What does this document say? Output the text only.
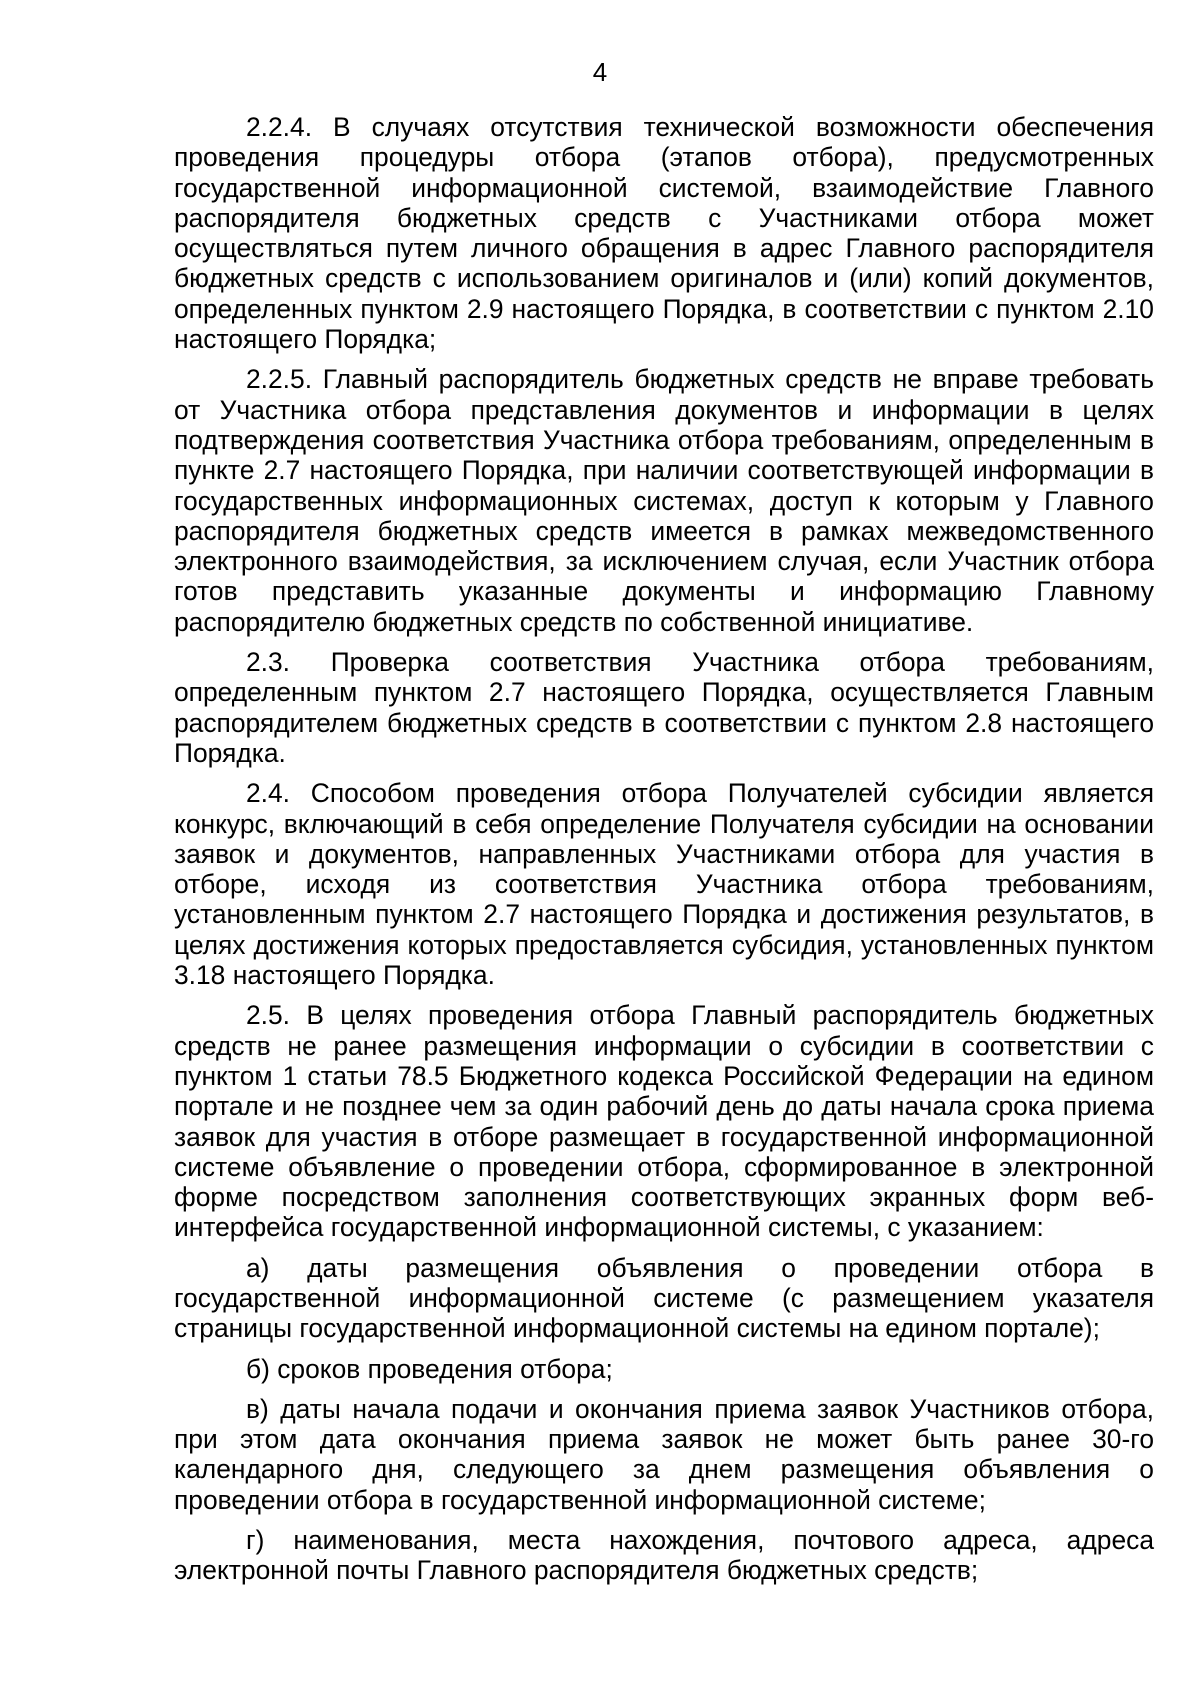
4

2.2.4. В случаях отсутствия технической возможности обеспечения проведения процедуры отбора (этапов отбора), предусмотренных государственной информационной системой, взаимодействие Главного распорядителя бюджетных средств с Участниками отбора может осуществляться путем личного обращения в адрес Главного распорядителя бюджетных средств с использованием оригиналов и (или) копий документов, определенных пунктом 2.9 настоящего Порядка, в соответствии с пунктом 2.10 настоящего Порядка;

2.2.5. Главный распорядитель бюджетных средств не вправе требовать от Участника отбора представления документов и информации в целях подтверждения соответствия Участника отбора требованиям, определенным в пункте 2.7 настоящего Порядка, при наличии соответствующей информации в государственных информационных системах, доступ к которым у Главного распорядителя бюджетных средств имеется в рамках межведомственного электронного взаимодействия, за исключением случая, если Участник отбора готов представить указанные документы и информацию Главному распорядителю бюджетных средств по собственной инициативе.

2.3. Проверка соответствия Участника отбора требованиям, определенным пунктом 2.7 настоящего Порядка, осуществляется Главным распорядителем бюджетных средств в соответствии с пунктом 2.8 настоящего Порядка.

2.4. Способом проведения отбора Получателей субсидии является конкурс, включающий в себя определение Получателя субсидии на основании заявок и документов, направленных Участниками отбора для участия в отборе, исходя из соответствия Участника отбора требованиям, установленным пунктом 2.7 настоящего Порядка и достижения результатов, в целях достижения которых предоставляется субсидия, установленных пунктом 3.18 настоящего Порядка.

2.5. В целях проведения отбора Главный распорядитель бюджетных средств не ранее размещения информации о субсидии в соответствии с пунктом 1 статьи 78.5 Бюджетного кодекса Российской Федерации на едином портале и не позднее чем за один рабочий день до даты начала срока приема заявок для участия в отборе размещает в государственной информационной системе объявление о проведении отбора, сформированное в электронной форме посредством заполнения соответствующих экранных форм веб-интерфейса государственной информационной системы, с указанием:

а) даты размещения объявления о проведении отбора в государственной информационной системе (с размещением указателя страницы государственной информационной системы на едином портале);

б) сроков проведения отбора;

в) даты начала подачи и окончания приема заявок Участников отбора, при этом дата окончания приема заявок не может быть ранее 30-го календарного дня, следующего за днем размещения объявления о проведении отбора в государственной информационной системе;

г) наименования, места нахождения, почтового адреса, адреса электронной почты Главного распорядителя бюджетных средств;
